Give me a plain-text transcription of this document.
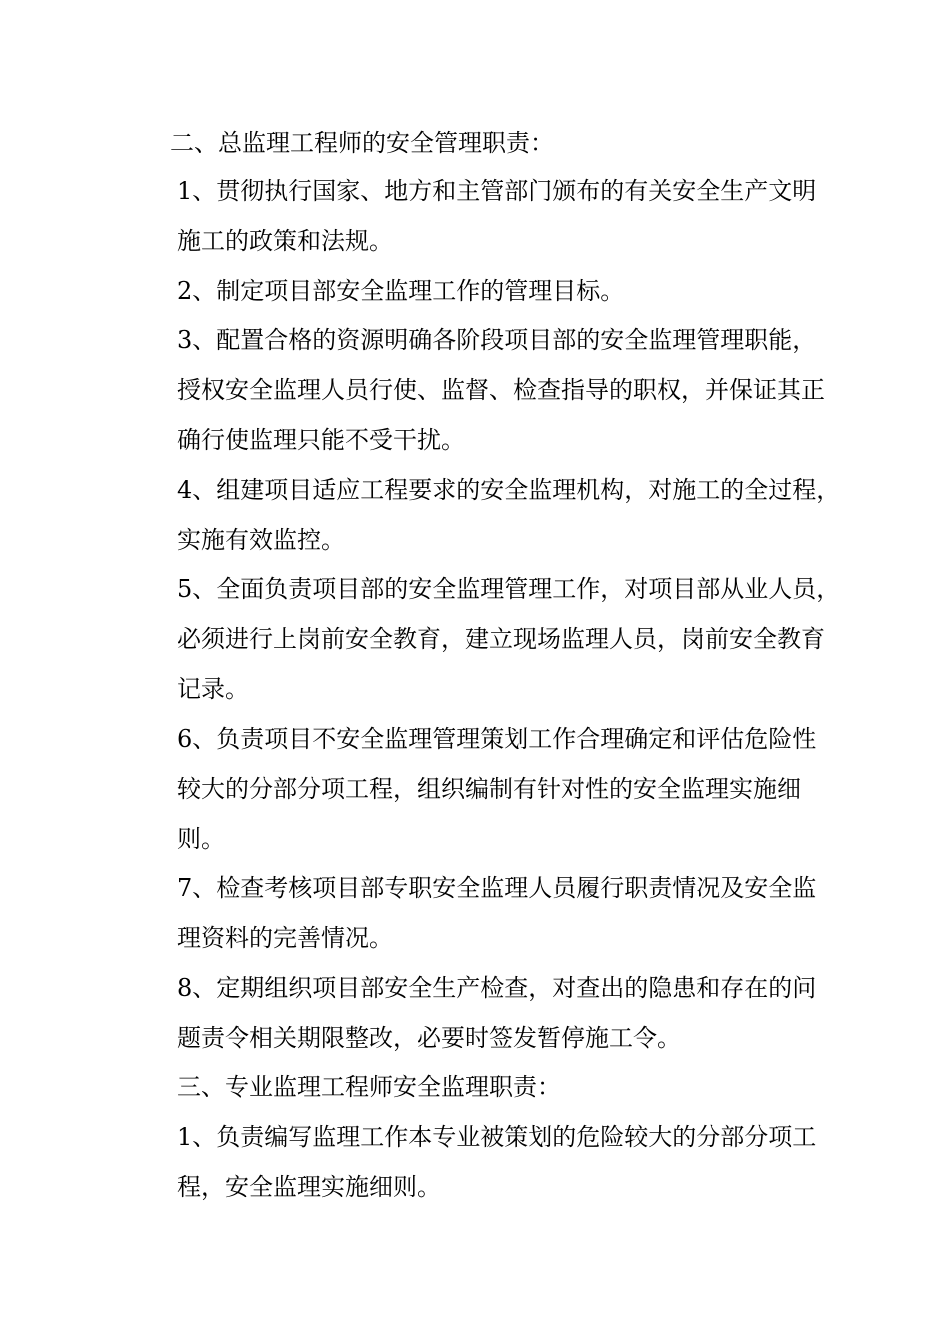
二、总监理工程师的安全管理职责：
1、贯彻执行国家、地方和主管部门颁布的有关安全生产文明
施工的政策和法规。
2、制定项目部安全监理工作的管理目标。
3、配置合格的资源明确各阶段项目部的安全监理管理职能，
授权安全监理人员行使、监督、检查指导的职权，并保证其正
确行使监理只能不受干扰。
4、组建项目适应工程要求的安全监理机构，对施工的全过程，
实施有效监控。
5、全面负责项目部的安全监理管理工作，对项目部从业人员，
必须进行上岗前安全教育，建立现场监理人员，岗前安全教育
记录。
6、负责项目不安全监理管理策划工作合理确定和评估危险性
较大的分部分项工程，组织编制有针对性的安全监理实施细
则。
7、检查考核项目部专职安全监理人员履行职责情况及安全监
理资料的完善情况。
8、定期组织项目部安全生产检查，对查出的隐患和存在的问
题责令相关期限整改，必要时签发暂停施工令。
三、专业监理工程师安全监理职责：
1、负责编写监理工作本专业被策划的危险较大的分部分项工
程，安全监理实施细则。
